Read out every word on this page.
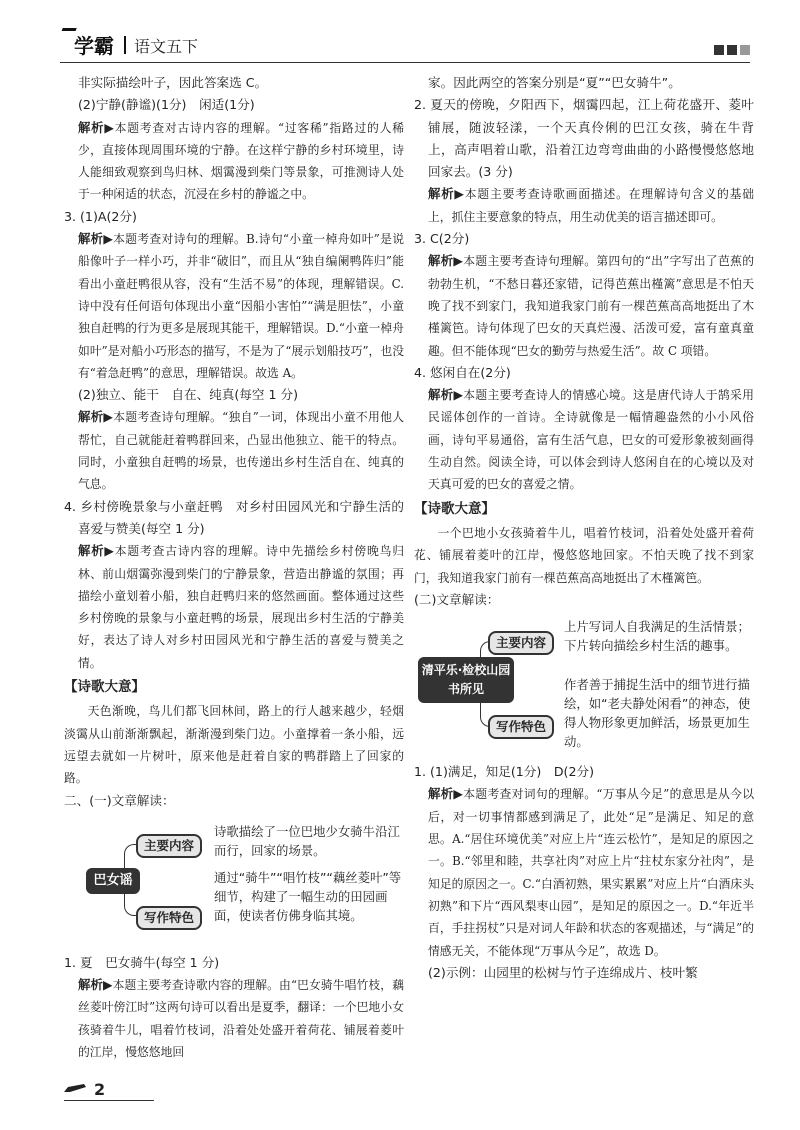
学霸 语文五下

非实际描绘叶子，因此答案选 C。

(2)宁静(静谧)(1分)　闲适(1分)

解析▶本题考查对古诗内容的理解。“过客稀”指路过的人稀少，直接体现周围环境的宁静。在这样宁静的乡村环境里，诗人能细致观察到鸟归林、烟霭漫到柴门等景象，可推测诗人处于一种闲适的状态，沉浸在乡村的静谧之中。

3. (1)A(2分)

解析▶本题考查对诗句的理解。B.诗句“小童一棹舟如叶”是说船像叶子一样小巧，并非“破旧”，而且从“独自编阑鸭阵归”能看出小童赶鸭很从容，没有“生活不易”的体现，理解错误。C.诗中没有任何语句体现出小童“因船小害怕”“满是胆怯”，小童独自赶鸭的行为更多是展现其能干，理解错误。D.“小童一棹舟如叶”是对船小巧形态的描写，不是为了“展示划船技巧”，也没有“着急赶鸭”的意思，理解错误。故选 A。

(2)独立、能干　自在、纯真(每空 1 分)

解析▶本题考查诗句理解。“独自”一词，体现出小童不用他人帮忙，自己就能赶着鸭群回来，凸显出他独立、能干的特点。同时，小童独自赶鸭的场景，也传递出乡村生活自在、纯真的气息。

4. 乡村傍晚景象与小童赶鸭　对乡村田园风光和宁静生活的喜爱与赞美(每空 1 分)

解析▶本题考查古诗内容的理解。诗中先描绘乡村傍晚鸟归林、前山烟霭弥漫到柴门的宁静景象，营造出静谧的氛围；再描绘小童划着小船，独自赶鸭归来的悠然画面。整体通过这些乡村傍晚的景象与小童赶鸭的场景，展现出乡村生活的宁静美好，表达了诗人对乡村田园风光和宁静生活的喜爱与赞美之情。

【诗歌大意】

天色渐晚，鸟儿们都飞回林间，路上的行人越来越少，轻烟淡霭从山前渐渐飘起，渐渐漫到柴门边。小童撑着一条小船，远远望去就如一片树叶，原来他是赶着自家的鸭群踏上了回家的路。

二、(一)文章解读：

巴女谣
主要内容
诗歌描绘了一位巴地少女骑牛沿江而行，回家的场景。
写作特色
通过“骑牛”“唱竹枝”“藕丝菱叶”等细节，构建了一幅生动的田园画面，使读者仿佛身临其境。

1. 夏　巴女骑牛(每空 1 分)

解析▶本题主要考查诗歌内容的理解。由“巴女骑牛唱竹枝，藕丝菱叶傍江时”这两句诗可以看出是夏季，翻译：一个巴地小女孩骑着牛儿，唱着竹枝词，沿着处处盛开着荷花、铺展着菱叶的江岸，慢悠悠地回

家。因此两空的答案分别是“夏”“巴女骑牛”。

2. 夏天的傍晚，夕阳西下，烟霭四起，江上荷花盛开、菱叶铺展，随波轻漾，一个天真伶俐的巴江女孩，骑在牛背上，高声唱着山歌，沿着江边弯弯曲曲的小路慢慢悠悠地回家去。(3 分)

解析▶本题主要考查诗歌画面描述。在理解诗句含义的基础上，抓住主要意象的特点，用生动优美的语言描述即可。

3. C(2分)

解析▶本题主要考查诗句理解。第四句的“出”字写出了芭蕉的勃勃生机，“不愁日暮还家错，记得芭蕉出槿篱”意思是不怕天晚了找不到家门，我知道我家门前有一棵芭蕉高高地挺出了木槿篱笆。诗句体现了巴女的天真烂漫、活泼可爱，富有童真童趣。但不能体现“巴女的勤劳与热爱生活”。故 C 项错。

4. 悠闲自在(2分)

解析▶本题主要考查诗人的情感心境。这是唐代诗人于鹄采用民谣体创作的一首诗。全诗就像是一幅情趣盎然的小小风俗画，诗句平易通俗，富有生活气息，巴女的可爱形象被刻画得生动自然。阅读全诗，可以体会到诗人悠闲自在的心境以及对天真可爱的巴女的喜爱之情。

【诗歌大意】

一个巴地小女孩骑着牛儿，唱着竹枝词，沿着处处盛开着荷花、铺展着菱叶的江岸，慢悠悠地回家。不怕天晚了找不到家门，我知道我家门前有一棵芭蕉高高地挺出了木槿篱笆。

(二)文章解读：

清平乐·检校山园书所见
主要内容
上片写词人自我满足的生活情景；下片转向描绘乡村生活的趣事。
写作特色
作者善于捕捉生活中的细节进行描绘，如“老夫静处闲看”的神态，使得人物形象更加鲜活，场景更加生动。

1. (1)满足，知足(1分)　D(2分)

解析▶本题考查对词句的理解。“万事从今足”的意思是从今以后，对一切事情都感到满足了，此处“足”是满足、知足的意思。A.“居住环境优美”对应上片“连云松竹”，是知足的原因之一。B.“邻里和睦，共享社肉”对应上片“拄杖东家分社肉”，是知足的原因之一。C.“白酒初熟，果实累累”对应上片“白酒床头初熟”和下片“西风梨枣山园”，是知足的原因之一。D.“年近半百，手拄拐杖”只是对词人年龄和状态的客观描述，与“满足”的情感无关，不能体现“万事从今足”，故选 D。

(2)示例：山园里的松树与竹子连绵成片、枝叶繁

2
